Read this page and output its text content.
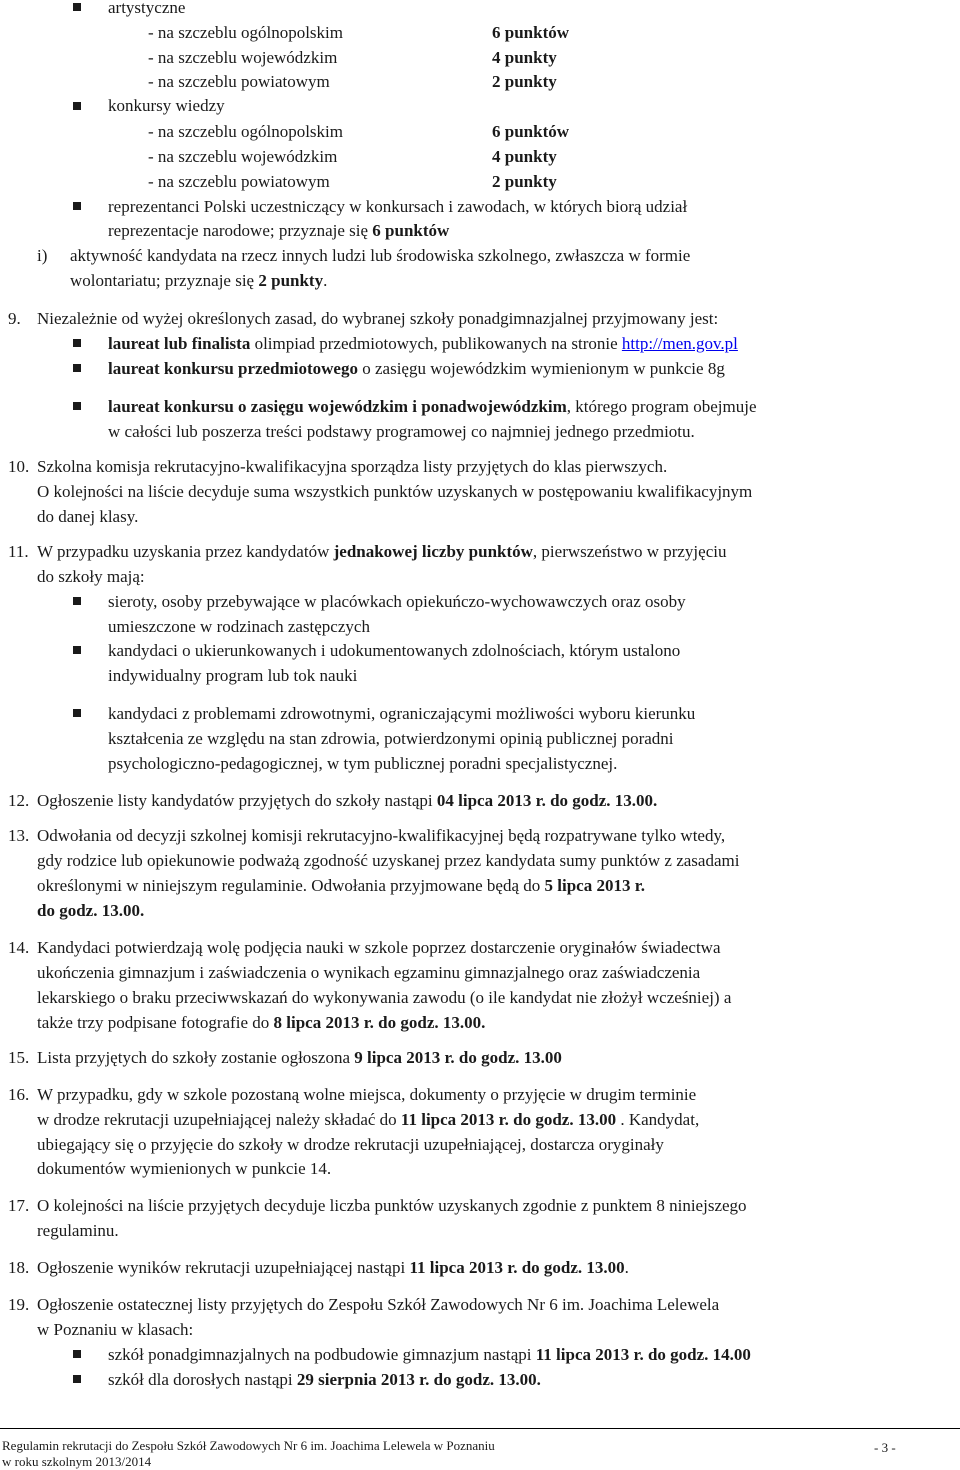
artystyczne
- na szczeblu ogólnopolskim	6 punktów
- na szczeblu wojewódzkim	4 punkty
- na szczeblu powiatowym	2 punkty
konkursy wiedzy
- na szczeblu ogólnopolskim	6 punktów
- na szczeblu wojewódzkim	4 punkty
- na szczeblu powiatowym	2 punkty
reprezentanci Polski uczestniczący w konkursach i zawodach, w których biorą udział
reprezentacje narodowe; przyznaje się 6 punktów
i) aktywność kandydata na rzecz innych ludzi lub środowiska szkolnego, zwłaszcza w formie
wolontariatu; przyznaje się 2 punkty.
9. Niezależnie od wyżej określonych zasad, do wybranej szkoły ponadgimnazjalnej przyjmowany jest:
laureat lub finalista olimpiad przedmiotowych, publikowanych na stronie http://men.gov.pl
laureat konkursu przedmiotowego o zasięgu wojewódzkim wymienionym w punkcie 8g
laureat konkursu o zasięgu wojewódzkim i ponadwojewódzkim, którego program obejmuje
w całości lub poszerza treści podstawy programowej co najmniej jednego przedmiotu.
10. Szkolna komisja rekrutacyjno-kwalifikacyjna sporządza listy przyjętych do klas pierwszych.
O kolejności na liście decyduje suma wszystkich punktów uzyskanych w postępowaniu kwalifikacyjnym
do danej klasy.
11. W przypadku uzyskania przez kandydatów jednakowej liczby punktów, pierwszeństwo w przyjęciu
do szkoły mają:
sieroty, osoby przebywające w placówkach opiekuńczo-wychowawczych oraz osoby
umieszczone w rodzinach zastępczych
kandydaci o ukierunkowanych i udokumentowanych zdolnościach, którym ustalono
indywidualny program lub tok nauki
kandydaci z problemami zdrowotnymi, ograniczającymi możliwości wyboru kierunku
kształcenia ze względu na stan zdrowia, potwierdzonymi opinią publicznej poradni
psychologiczno-pedagogicznej, w tym publicznej poradni specjalistycznej.
12. Ogłoszenie listy kandydatów przyjętych do szkoły nastąpi 04 lipca 2013 r. do godz. 13.00.
13. Odwołania od decyzji szkolnej komisji rekrutacyjno-kwalifikacyjnej będą rozpatrywane tylko wtedy,
gdy rodzice lub opiekunowie podważą zgodność uzyskanej przez kandydata sumy punktów z zasadami
określonymi w niniejszym regulaminie. Odwołania przyjmowane będą do 5 lipca 2013 r.
do godz. 13.00.
14. Kandydaci potwierdzają wolę podjęcia nauki w szkole poprzez dostarczenie oryginałów świadectwa
ukończenia gimnazjum i zaświadczenia o wynikach egzaminu gimnazjalnego oraz zaświadczenia
lekarskiego o braku przeciwwskazań do wykonywania zawodu (o ile kandydat nie złożył wcześniej) a
także trzy podpisane fotografie do 8 lipca 2013 r. do godz. 13.00.
15. Lista przyjętych do szkoły zostanie ogłoszona 9 lipca 2013 r. do godz. 13.00
16. W przypadku, gdy w szkole pozostaną wolne miejsca, dokumenty o przyjęcie w drugim terminie
w drodze rekrutacji uzupełniającej należy składać do 11 lipca 2013 r. do godz. 13.00 . Kandydat,
ubiegający się o przyjęcie do szkoły w drodze rekrutacji uzupełniającej, dostarcza oryginały
dokumentów wymienionych w punkcie 14.
17. O kolejności na liście przyjętych decyduje liczba punktów uzyskanych zgodnie z punktem 8 niniejszego
regulaminu.
18. Ogłoszenie wyników rekrutacji uzupełniającej nastąpi 11 lipca 2013 r. do godz. 13.00.
19. Ogłoszenie ostatecznej listy przyjętych do Zespołu Szkół Zawodowych Nr 6 im. Joachima Lelewela
w Poznaniu w klasach:
szkół ponadgimnazjalnych na podbudowie gimnazjum nastąpi 11 lipca 2013 r. do godz. 14.00
szkół dla dorosłych nastąpi 29 sierpnia 2013 r. do godz. 13.00.
Regulamin rekrutacji do Zespołu Szkół Zawodowych Nr 6 im. Joachima Lelewela w Poznaniu
w roku szkolnym 2013/2014
- 3 -
